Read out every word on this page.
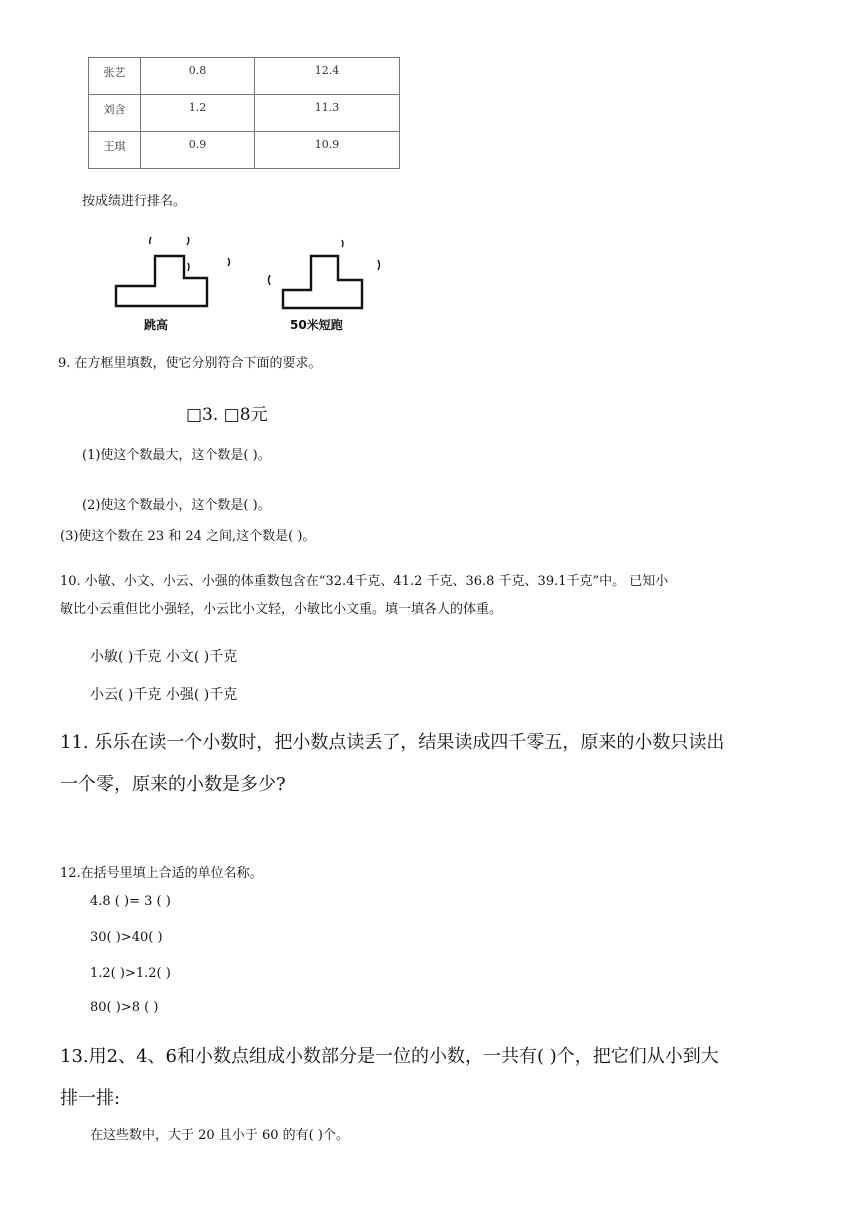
张艺	0.8	12.4

刘含	1.2	11.3

王琪	0.9	10.9
按成绩进行排名。
跳高	50米短跑
9. 在方框里填数，使它分别符合下面的要求。
□3. □8元
(1)使这个数最大，这个数是( )。
(2)使这个数最小，这个数是( )。
(3)使这个数在 23 和 24 之间,这个数是( )。
10. 小敏、小文、小云、小强的体重数包含在“32.4千克、41.2 千克、36.8 千克、39.1千克”中。 已知小
敏比小云重但比小强轻，小云比小文轻，小敏比小文重。填一填各人的体重。
小敏( )千克 小文( )千克
小云( )千克 小强( )千克
11. 乐乐在读一个小数时，把小数点读丢了，结果读成四千零五，原来的小数只读出
一个零，原来的小数是多少?
12.在括号里填上合适的单位名称。
4.8 ( )= 3 ( )
30( )>40( )
1.2( )>1.2( )
80( )>8 ( )
13.用2、4、6和小数点组成小数部分是一位的小数，一共有( )个，把它们从小到大
排一排:
在这些数中，大于 20 且小于 60 的有( )个。
